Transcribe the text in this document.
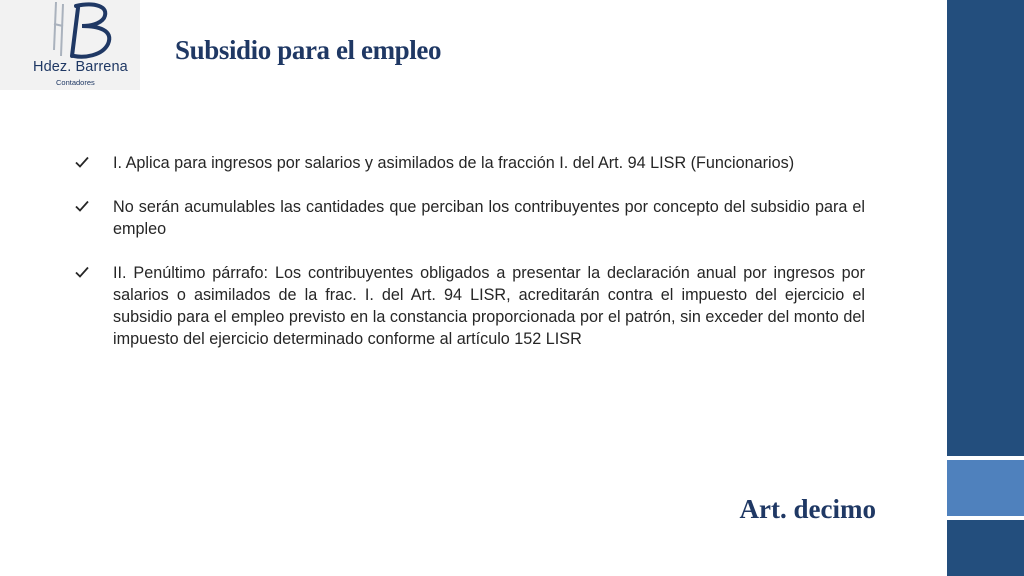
Hdez. Barrena
Contadores
Subsidio para el empleo
I. Aplica para ingresos por salarios y asimilados de la fracción I. del Art. 94 LISR (Funcionarios)
No serán acumulables las cantidades que perciban los contribuyentes por concepto del subsidio para el empleo
II. Penúltimo párrafo: Los contribuyentes obligados a presentar la declaración anual por ingresos por salarios o asimilados de la frac. I. del Art. 94 LISR, acreditarán contra el impuesto del ejercicio el subsidio para el empleo previsto en la constancia proporcionada por el patrón, sin exceder del monto del impuesto del ejercicio determinado conforme al artículo 152 LISR
Art. decimo
